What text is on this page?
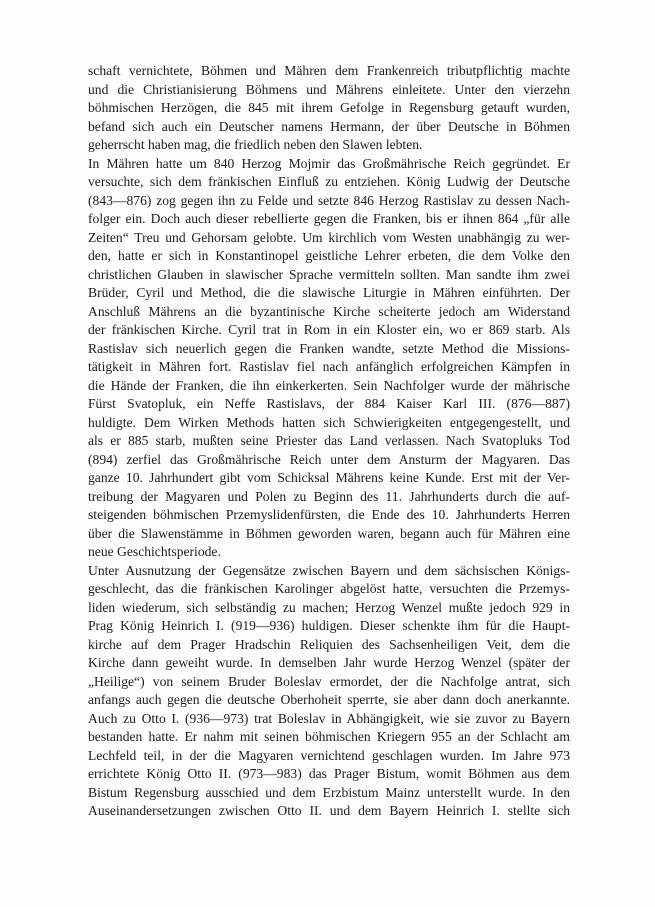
schaft vernichtete, Böhmen und Mähren dem Frankenreich tributpflichtig machte
und die Christianisierung Böhmens und Mährens einleitete. Unter den vierzehn
böhmischen Herzögen, die 845 mit ihrem Gefolge in Regensburg getauft wurden,
befand sich auch ein Deutscher namens Hermann, der über Deutsche in Böhmen
geherrscht haben mag, die friedlich neben den Slawen lebten.

In Mähren hatte um 840 Herzog Mojmir das Großmährische Reich gegründet. Er
versuchte, sich dem fränkischen Einfluß zu entziehen. König Ludwig der Deutsche
(843—876) zog gegen ihn zu Felde und setzte 846 Herzog Rastislav zu dessen Nach-
folger ein. Doch auch dieser rebellierte gegen die Franken, bis er ihnen 864 „für alle
Zeiten“ Treu und Gehorsam gelobte. Um kirchlich vom Westen unabhängig zu wer-
den, hatte er sich in Konstantinopel geistliche Lehrer erbeten, die dem Volke den
christlichen Glauben in slawischer Sprache vermitteln sollten. Man sandte ihm zwei
Brüder, Cyril und Method, die die slawische Liturgie in Mähren einführten. Der
Anschluß Mährens an die byzantinische Kirche scheiterte jedoch am Widerstand
der fränkischen Kirche. Cyril trat in Rom in ein Kloster ein, wo er 869 starb. Als
Rastislav sich neuerlich gegen die Franken wandte, setzte Method die Missions-
tätigkeit in Mähren fort. Rastislav fiel nach anfänglich erfolgreichen Kämpfen in
die Hände der Franken, die ihn einkerkerten. Sein Nachfolger wurde der mährische
Fürst Svatopluk, ein Neffe Rastislavs, der 884 Kaiser Karl III. (876—887)
huldigte. Dem Wirken Methods hatten sich Schwierigkeiten entgegengestellt, und
als er 885 starb, mußten seine Priester das Land verlassen. Nach Svatopluks Tod
(894) zerfiel das Großmährische Reich unter dem Ansturm der Magyaren. Das
ganze 10. Jahrhundert gibt vom Schicksal Mährens keine Kunde. Erst mit der Ver-
treibung der Magyaren und Polen zu Beginn des 11. Jahrhunderts durch die auf-
steigenden böhmischen Przemyslidenfürsten, die Ende des 10. Jahrhunderts Herren
über die Slawenstämme in Böhmen geworden waren, begann auch für Mähren eine
neue Geschichtsperiode.

Unter Ausnutzung der Gegensätze zwischen Bayern und dem sächsischen Königs-
geschlecht, das die fränkischen Karolinger abgelöst hatte, versuchten die Przemys-
liden wiederum, sich selbständig zu machen; Herzog Wenzel mußte jedoch 929 in
Prag König Heinrich I. (919—936) huldigen. Dieser schenkte ihm für die Haupt-
kirche auf dem Prager Hradschin Reliquien des Sachsenheiligen Veit, dem die
Kirche dann geweiht wurde. In demselben Jahr wurde Herzog Wenzel (später der
„Heilige“) von seinem Bruder Boleslav ermordet, der die Nachfolge antrat, sich
anfangs auch gegen die deutsche Oberhoheit sperrte, sie aber dann doch anerkannte.
Auch zu Otto I. (936—973) trat Boleslav in Abhängigkeit, wie sie zuvor zu Bayern
bestanden hatte. Er nahm mit seinen böhmischen Kriegern 955 an der Schlacht am
Lechfeld teil, in der die Magyaren vernichtend geschlagen wurden. Im Jahre 973
errichtete König Otto II. (973—983) das Prager Bistum, womit Böhmen aus dem
Bistum Regensburg ausschied und dem Erzbistum Mainz unterstellt wurde. In den
Auseinandersetzungen zwischen Otto II. und dem Bayern Heinrich I. stellte sich
